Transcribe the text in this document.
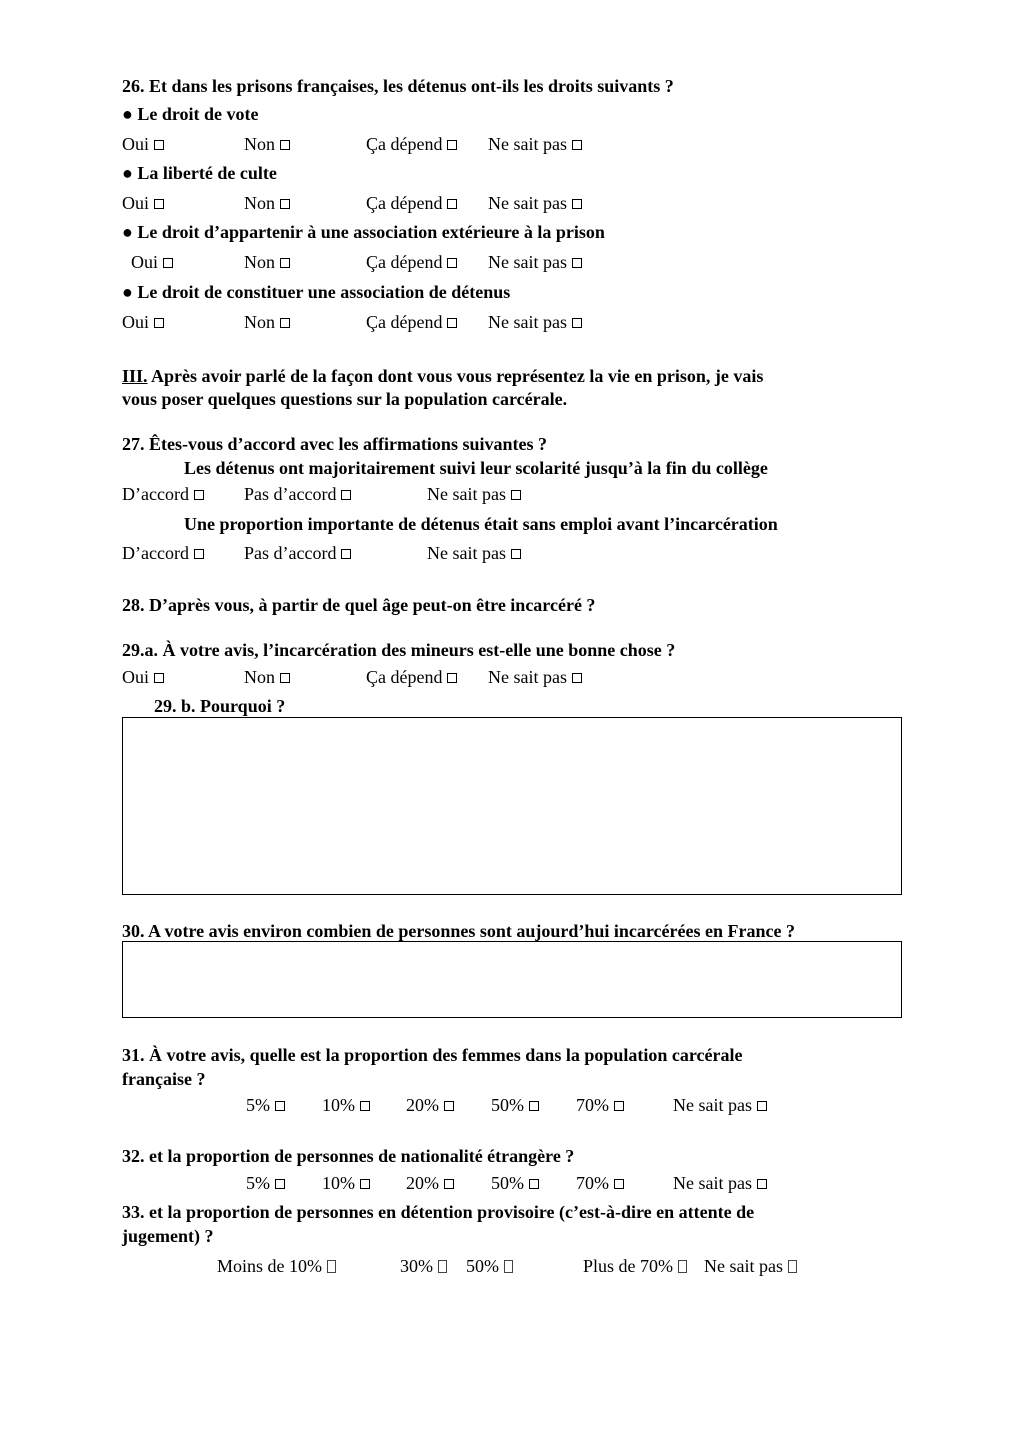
26. Et dans les prisons françaises, les détenus ont-ils les droits suivants ?
● Le droit de vote
Oui	Non	Ça dépend	Ne sait pas
● La liberté de culte
Oui	Non	Ça dépend	Ne sait pas
● Le droit d’appartenir à une association extérieure à la prison
Oui	Non	Ça dépend	Ne sait pas
● Le droit de constituer une association de détenus
Oui	Non	Ça dépend	Ne sait pas
III. Après avoir parlé de la façon dont vous vous représentez la vie en prison, je vais
vous poser quelques questions sur la population carcérale.
27. Êtes-vous d’accord avec les affirmations suivantes ?
Les détenus ont majoritairement suivi leur scolarité jusqu’à la fin du collège
D’accord	Pas d’accord	Ne sait pas
Une proportion importante de détenus était sans emploi avant l’incarcération
D’accord	Pas d’accord	Ne sait pas
28. D’après vous, à partir de quel âge peut-on être incarcéré ?
29.a. À votre avis, l’incarcération des mineurs est-elle une bonne chose ?
Oui	Non	Ça dépend	Ne sait pas
29. b. Pourquoi ?
30. A votre avis environ combien de personnes sont aujourd’hui incarcérées en France ?
31. À votre avis, quelle est la proportion des femmes dans la population carcérale
française ?
5%	10%	20%	50%	70%	Ne sait pas
32. et la proportion de personnes de nationalité étrangère ?
5%	10%	20%	50%	70%	Ne sait pas
33. et la proportion de personnes en détention provisoire (c’est-à-dire en attente de
jugement) ?
Moins de 10%	30%	50%	Plus de 70%	Ne sait pas
